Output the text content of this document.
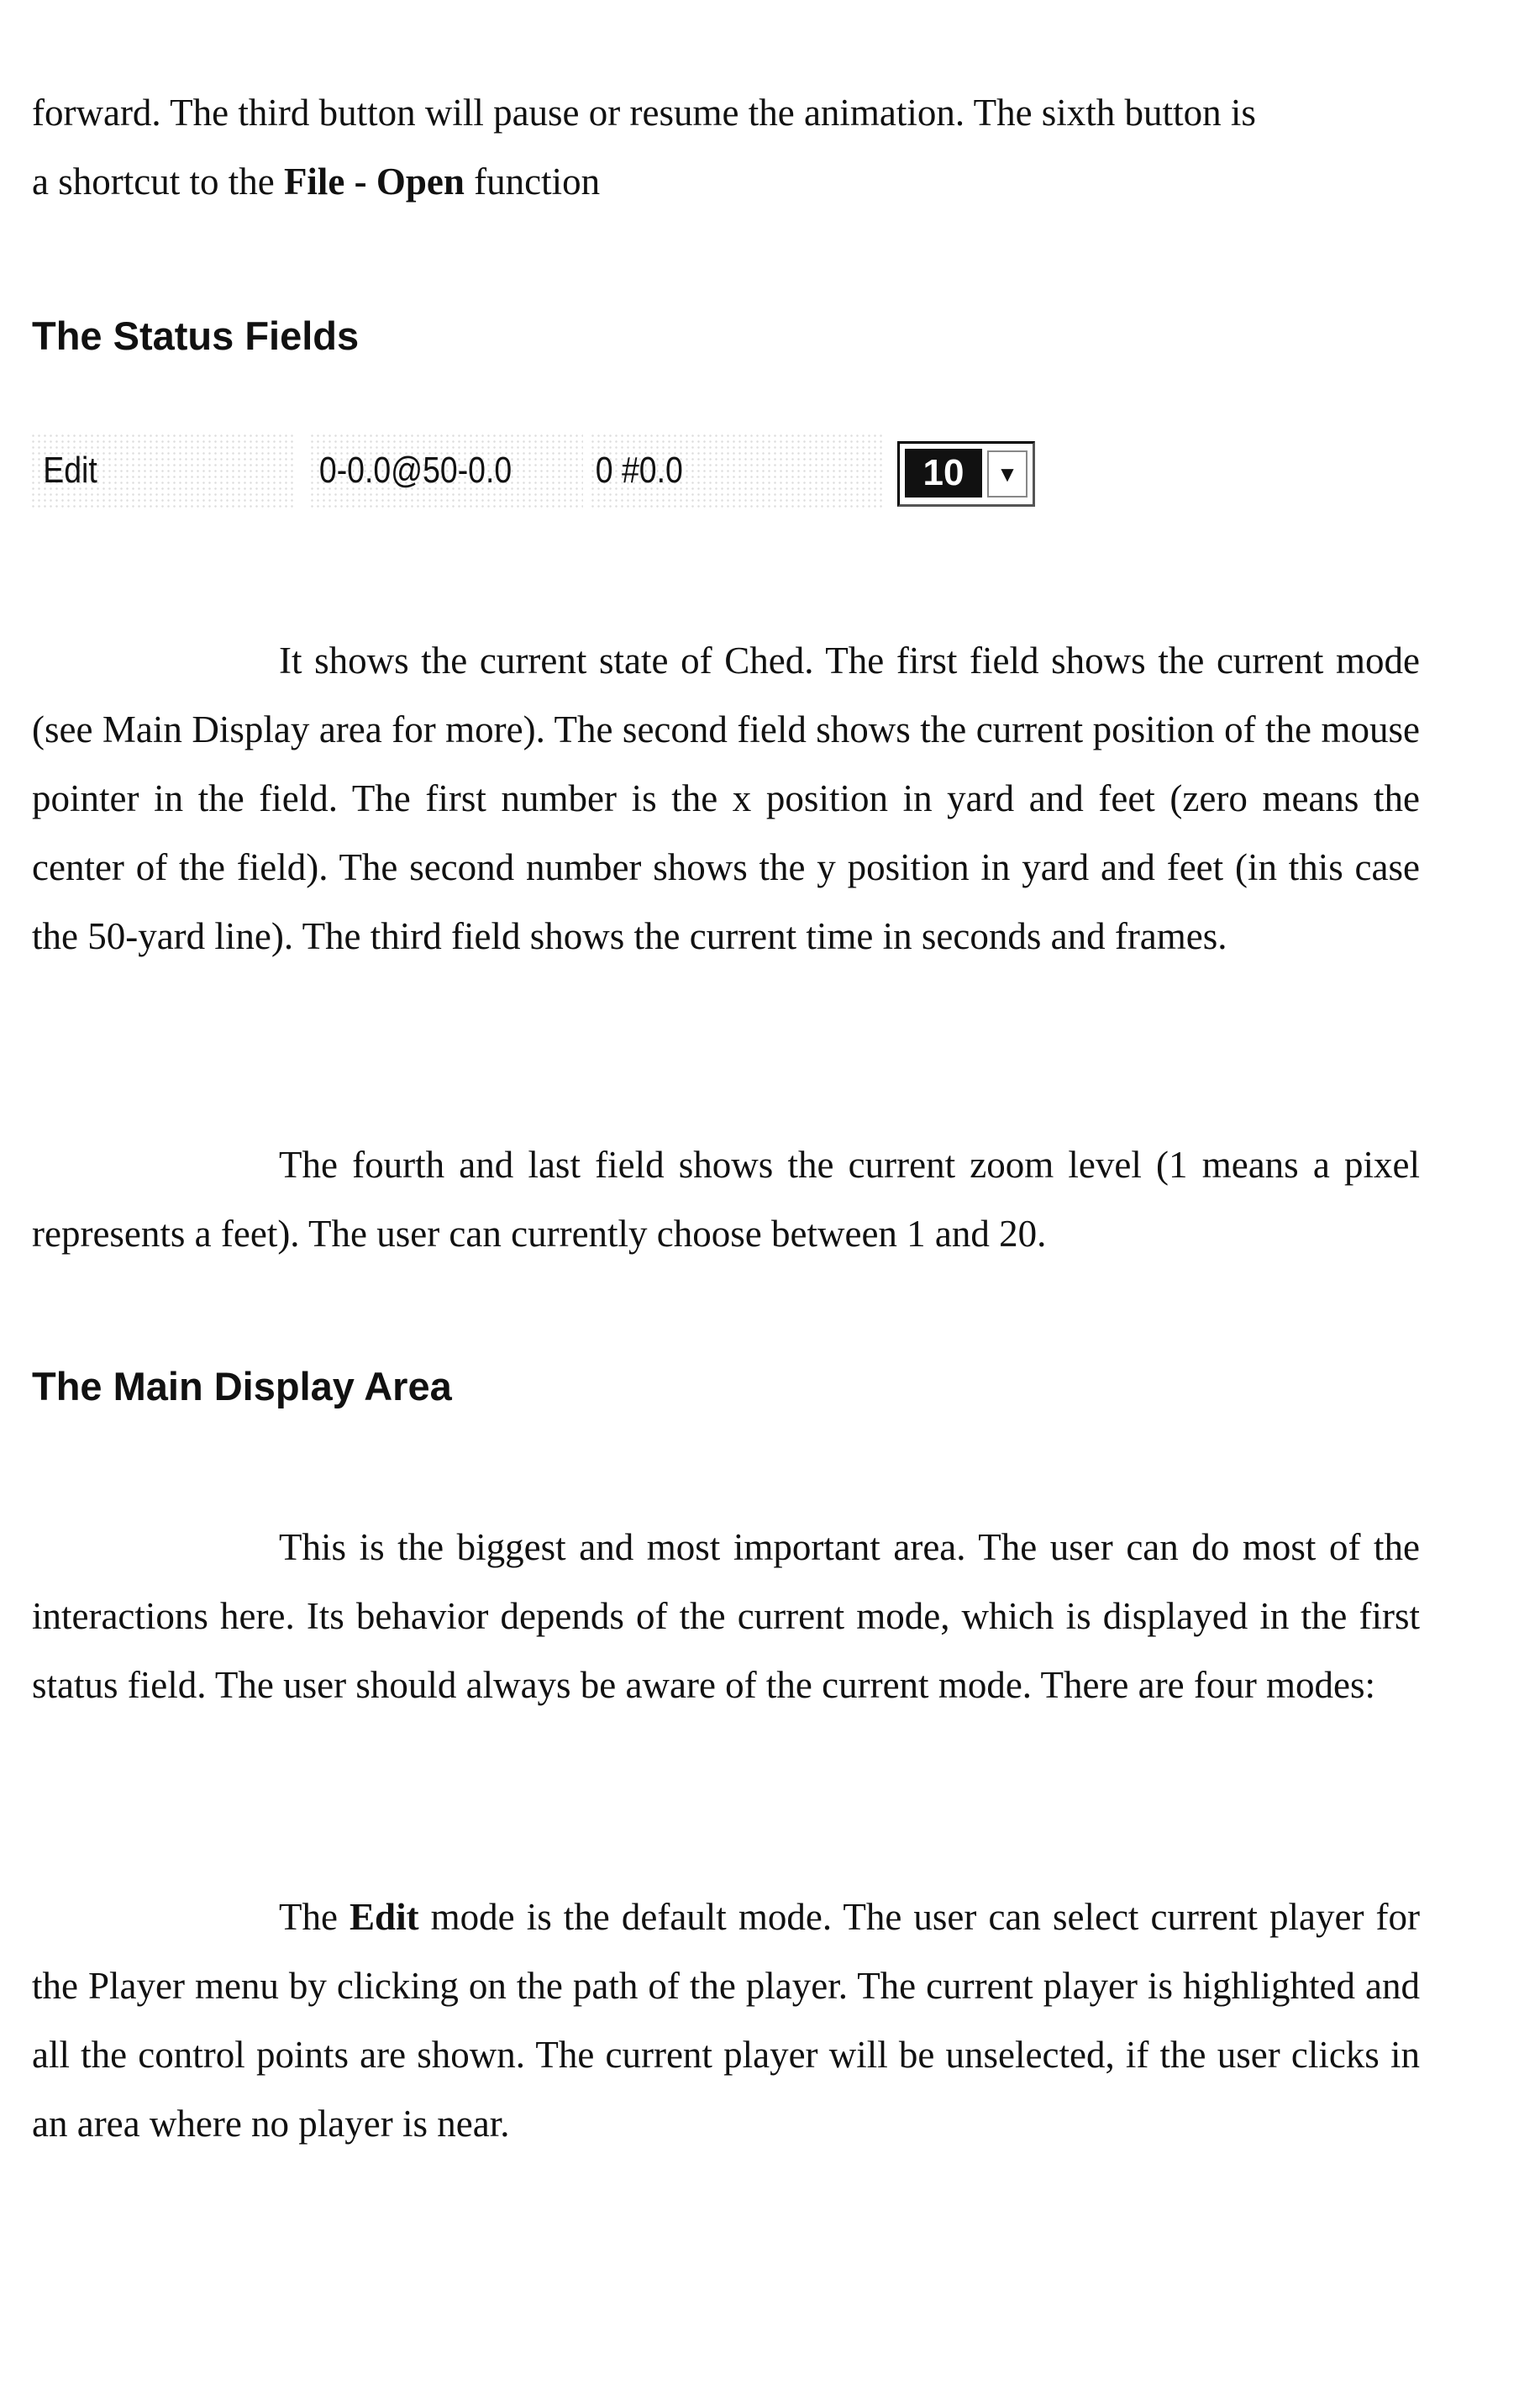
forward. The third button will pause or resume the animation. The sixth button is
a shortcut to the File - Open function

The Status Fields
Edit	0-0.0@50-0.0	0 #0.0	10	▼

It shows the current state of Ched. The first field shows the current mode (see Main Display area for more). The second field shows the current position of the mouse pointer in the field. The first number is the x position in yard and feet (zero means the center of the field). The second number shows the y position in yard and feet (in this case the 50-yard line). The third field shows the current time in seconds and frames.

The fourth and last field shows the current zoom level (1 means a pixel represents a feet). The user can currently choose between 1 and 20.

The Main Display Area

This is the biggest and most important area. The user can do most of the interactions here. Its behavior depends of the current mode, which is displayed in the first status field. The user should always be aware of the current mode. There are four modes:

The Edit mode is the default mode. The user can select current player for the Player menu by clicking on the path of the player. The current player is highlighted and all the control points are shown. The current player will be unselected, if the user clicks in an area where no player is near.
